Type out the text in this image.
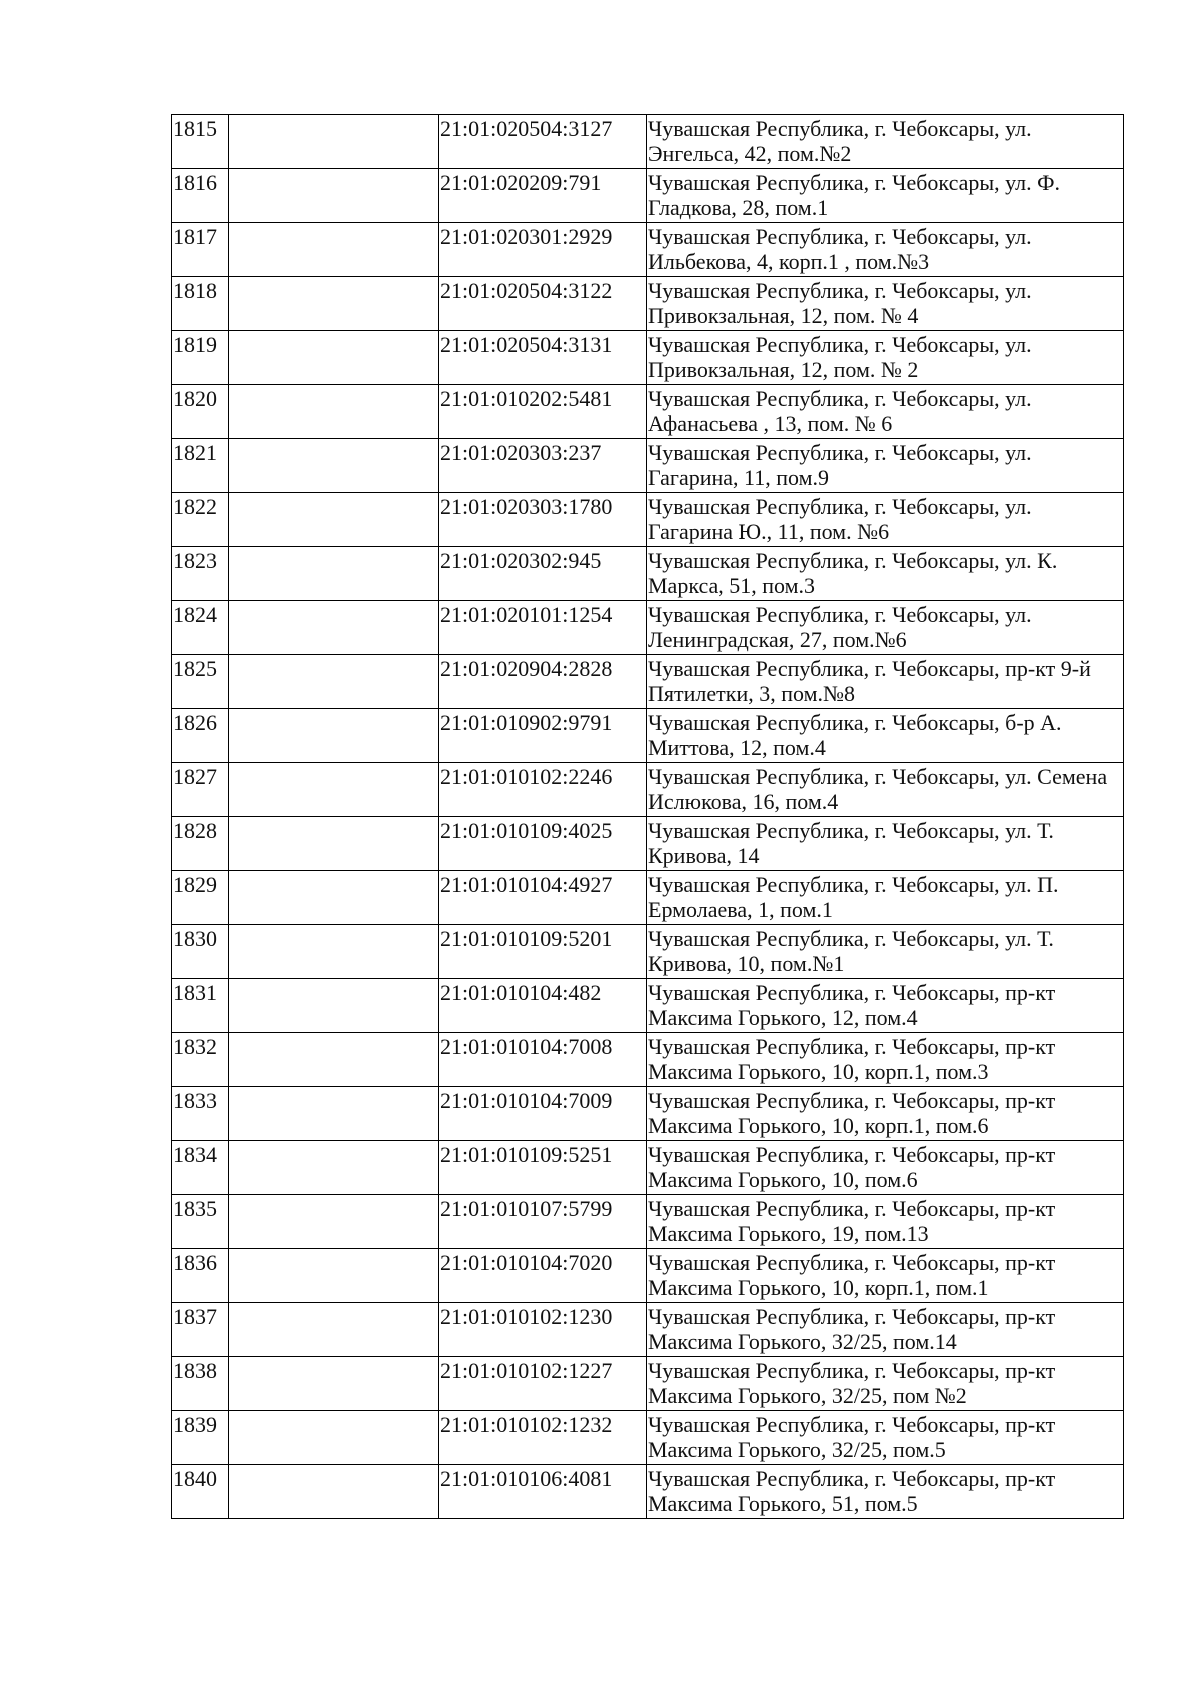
1815		21:01:020504:3127	Чувашская Республика, г. Чебоксары, ул. Энгельса, 42, пом.№2
1816		21:01:020209:791	Чувашская Республика, г. Чебоксары, ул. Ф. Гладкова, 28, пом.1
1817		21:01:020301:2929	Чувашская Республика, г. Чебоксары, ул. Ильбекова, 4, корп.1 , пом.№3
1818		21:01:020504:3122	Чувашская Республика, г. Чебоксары, ул. Привокзальная, 12, пом. № 4
1819		21:01:020504:3131	Чувашская Республика, г. Чебоксары, ул. Привокзальная, 12, пом. № 2
1820		21:01:010202:5481	Чувашская Республика, г. Чебоксары, ул. Афанасьева , 13, пом. № 6
1821		21:01:020303:237	Чувашская Республика, г. Чебоксары, ул. Гагарина, 11, пом.9
1822		21:01:020303:1780	Чувашская Республика, г. Чебоксары, ул. Гагарина Ю., 11, пом. №6
1823		21:01:020302:945	Чувашская Республика, г. Чебоксары, ул. К. Маркса, 51, пом.3
1824		21:01:020101:1254	Чувашская Республика, г. Чебоксары, ул. Ленинградская, 27, пом.№6
1825		21:01:020904:2828	Чувашская Республика, г. Чебоксары, пр-кт 9-й Пятилетки, 3, пом.№8
1826		21:01:010902:9791	Чувашская Республика, г. Чебоксары, б-р А. Миттова, 12, пом.4
1827		21:01:010102:2246	Чувашская Республика, г. Чебоксары, ул. Семена Ислюкова, 16, пом.4
1828		21:01:010109:4025	Чувашская Республика, г. Чебоксары, ул. Т. Кривова, 14
1829		21:01:010104:4927	Чувашская Республика, г. Чебоксары, ул. П. Ермолаева, 1, пом.1
1830		21:01:010109:5201	Чувашская Республика, г. Чебоксары, ул. Т. Кривова, 10, пом.№1
1831		21:01:010104:482	Чувашская Республика, г. Чебоксары, пр-кт Максима Горького, 12, пом.4
1832		21:01:010104:7008	Чувашская Республика, г. Чебоксары, пр-кт Максима Горького, 10, корп.1, пом.3
1833		21:01:010104:7009	Чувашская Республика, г. Чебоксары, пр-кт Максима Горького, 10, корп.1, пом.6
1834		21:01:010109:5251	Чувашская Республика, г. Чебоксары, пр-кт Максима Горького, 10, пом.6
1835		21:01:010107:5799	Чувашская Республика, г. Чебоксары, пр-кт Максима Горького, 19, пом.13
1836		21:01:010104:7020	Чувашская Республика, г. Чебоксары, пр-кт Максима Горького, 10, корп.1, пом.1
1837		21:01:010102:1230	Чувашская Республика, г. Чебоксары, пр-кт Максима Горького, 32/25, пом.14
1838		21:01:010102:1227	Чувашская Республика, г. Чебоксары, пр-кт Максима Горького, 32/25, пом №2
1839		21:01:010102:1232	Чувашская Республика, г. Чебоксары, пр-кт Максима Горького, 32/25, пом.5
1840		21:01:010106:4081	Чувашская Республика, г. Чебоксары, пр-кт Максима Горького, 51, пом.5
